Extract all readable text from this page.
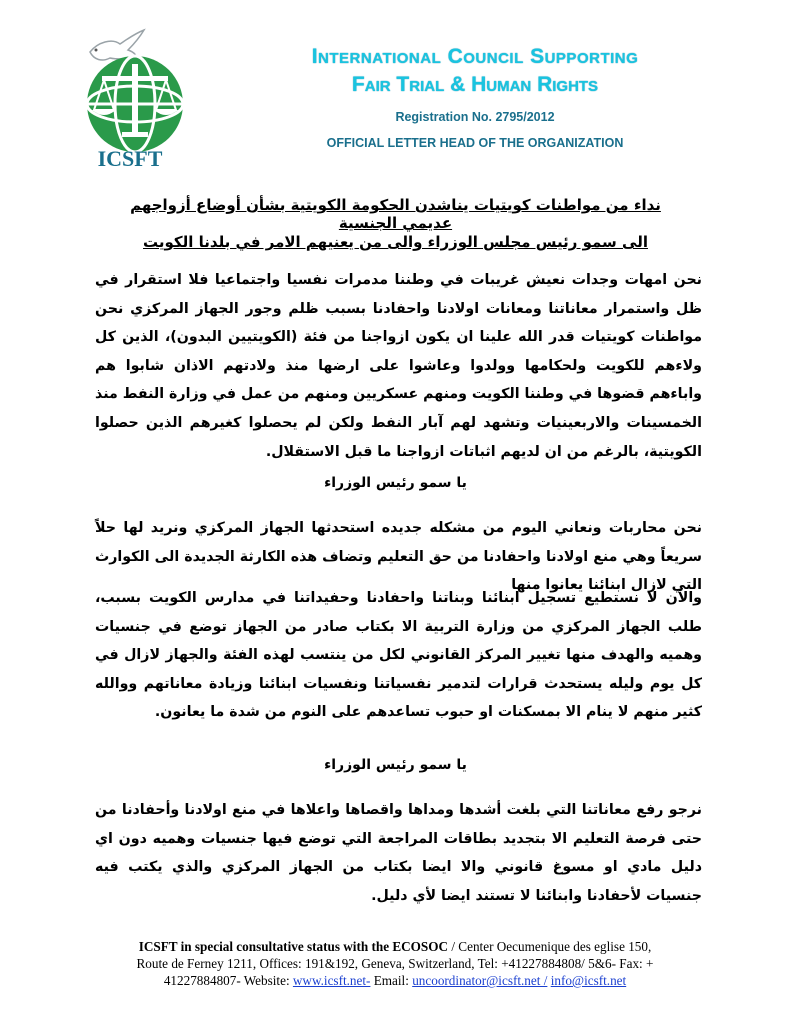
ICSFT
International Council Supporting
Fair Trial & Human Rights
Registration No. 2795/2012
OFFICIAL LETTER HEAD OF THE ORGANIZATION
نداء من مواطنات كويتيات يناشدن الحكومة الكويتية بشأن أوضاع أزواجهم عديمي الجنسية
الى سمو رئيس مجلس الوزراء والى من يعنيهم الامر في بلدنا الكويت
نحن امهات وجدات نعيش غريبات في وطننا مدمرات نفسيا واجتماعيا فلا استقرار في ظل واستمرار معاناتنا ومعانات اولادنا واحفادنا بسبب ظلم وجور الجهاز المركزي نحن مواطنات كويتيات قدر الله علينا ان يكون ازواجنا من فئة (الكويتيين البدون)، الذين كل ولاءهم للكويت ولحكامها وولدوا وعاشوا على ارضها منذ ولادتهم الاذان شابوا هم واباءهم قضوها في وطننا الكويت ومنهم عسكريين ومنهم من عمل في وزارة النفط منذ الخمسينات والاربعينيات وتشهد لهم آبار النفط ولكن لم يحصلوا كغيرهم الذين حصلوا الكويتية، بالرغم من ان لديهم اثباتات ازواجنا ما قبل الاستقلال.
يا سمو رئيس الوزراء
نحن محاربات ونعاني اليوم من مشكله جديده استحدثها الجهاز المركزي ونريد لها حلاً سريعاً وهي منع اولادنا واحفادنا من حق التعليم وتضاف هذه الكارثة الجديدة الى الكوارث التي لازال ابنائنا يعانوا منها
والآن لا نستطيع تسجيل ابنائنا وبناتنا واحفادنا وحفيداتنا في مدارس الكويت بسبب، طلب الجهاز المركزي من وزارة التربية الا بكتاب صادر من الجهاز توضع في جنسيات وهميه والهدف منها تغيير المركز القانوني لكل من ينتسب لهذه الفئة والجهاز لازال في كل يوم وليله يستحدث قرارات لتدمير نفسياتنا ونفسيات ابنائنا وزيادة معاناتهم ووالله كثير منهم لا ينام الا بمسكنات او حبوب تساعدهم على النوم من شدة ما يعانون.
يا سمو رئيس الوزراء
نرجو رفع معاناتنا التي بلغت أشدها ومداها واقصاها واعلاها في منع اولادنا وأحفادنا من حتى فرصة التعليم الا بتجديد بطاقات المراجعة التي توضع فيها جنسيات وهميه دون اي دليل مادي او مسوغ قانوني والا ايضا بكتاب من الجهاز المركزي والذي يكتب فيه جنسيات لأحفادنا وابنائنا لا تستند ايضا لأي دليل.
ICSFT in special consultative status with the ECOSOC / Center Oecumenique des eglise 150,
Route de Ferney 1211, Offices: 191&192, Geneva, Switzerland, Tel: +41227884808/ 5&6- Fax: +
41227884807- Website: www.icsft.net- Email: uncoordinator@icsft.net / info@icsft.net
